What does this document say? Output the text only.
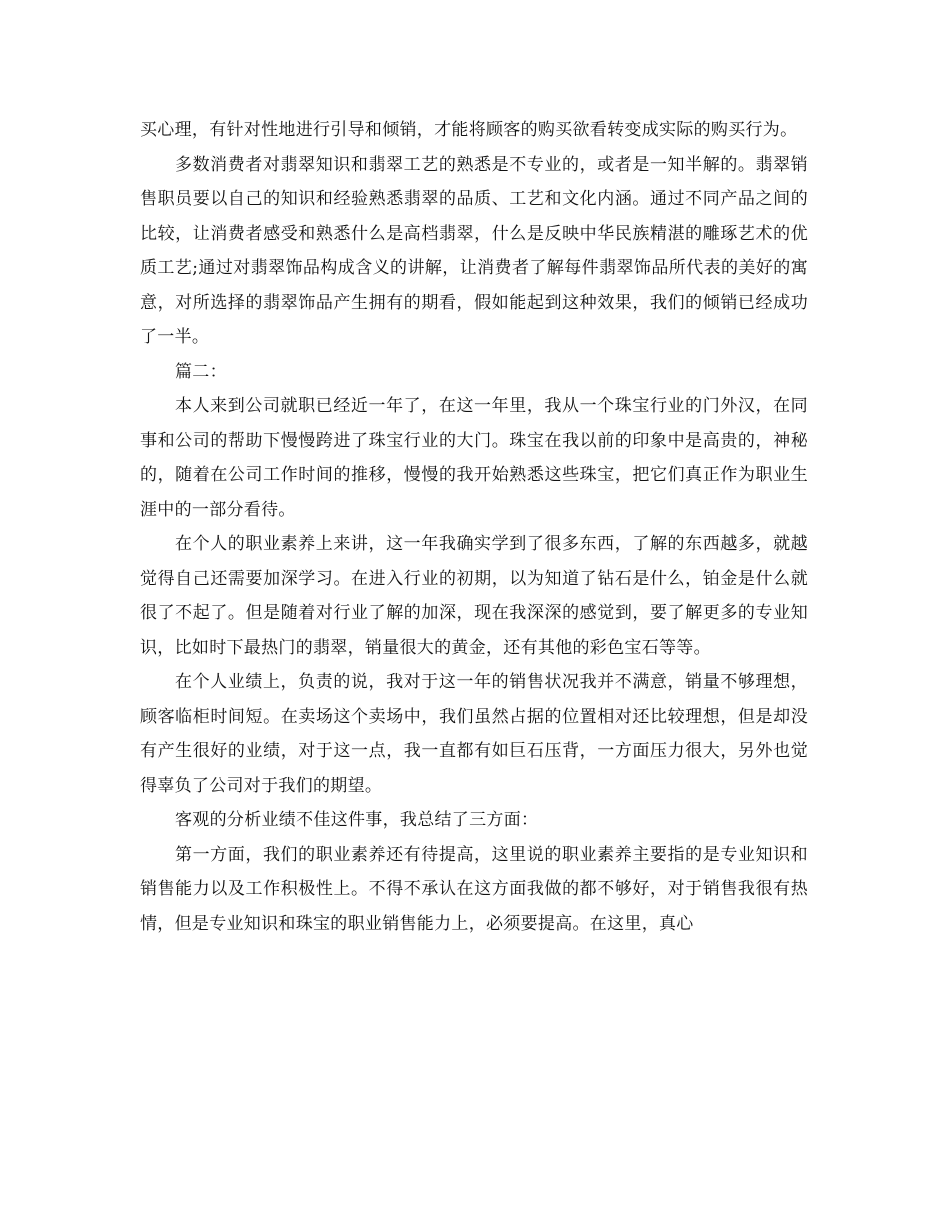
买心理，有针对性地进行引导和倾销，才能将顾客的购买欲看转变成实际的购买行为。

多数消费者对翡翠知识和翡翠工艺的熟悉是不专业的，或者是一知半解的。翡翠销售职员要以自己的知识和经验熟悉翡翠的品质、工艺和文化内涵。通过不同产品之间的比较，让消费者感受和熟悉什么是高档翡翠，什么是反映中华民族精湛的雕琢艺术的优质工艺;通过对翡翠饰品构成含义的讲解，让消费者了解每件翡翠饰品所代表的美好的寓意，对所选择的翡翠饰品产生拥有的期看，假如能起到这种效果，我们的倾销已经成功了一半。

篇二：

本人来到公司就职已经近一年了，在这一年里，我从一个珠宝行业的门外汉，在同事和公司的帮助下慢慢跨进了珠宝行业的大门。珠宝在我以前的印象中是高贵的，神秘的，随着在公司工作时间的推移，慢慢的我开始熟悉这些珠宝，把它们真正作为职业生涯中的一部分看待。

在个人的职业素养上来讲，这一年我确实学到了很多东西，了解的东西越多，就越觉得自己还需要加深学习。在进入行业的初期，以为知道了钻石是什么，铂金是什么就很了不起了。但是随着对行业了解的加深，现在我深深的感觉到，要了解更多的专业知识，比如时下最热门的翡翠，销量很大的黄金，还有其他的彩色宝石等等。

在个人业绩上，负责的说，我对于这一年的销售状况我并不满意，销量不够理想，顾客临柜时间短。在卖场这个卖场中，我们虽然占据的位置相对还比较理想，但是却没有产生很好的业绩，对于这一点，我一直都有如巨石压背，一方面压力很大，另外也觉得辜负了公司对于我们的期望。

客观的分析业绩不佳这件事，我总结了三方面：

第一方面，我们的职业素养还有待提高，这里说的职业素养主要指的是专业知识和销售能力以及工作积极性上。不得不承认在这方面我做的都不够好，对于销售我很有热情，但是专业知识和珠宝的职业销售能力上，必须要提高。在这里，真心
